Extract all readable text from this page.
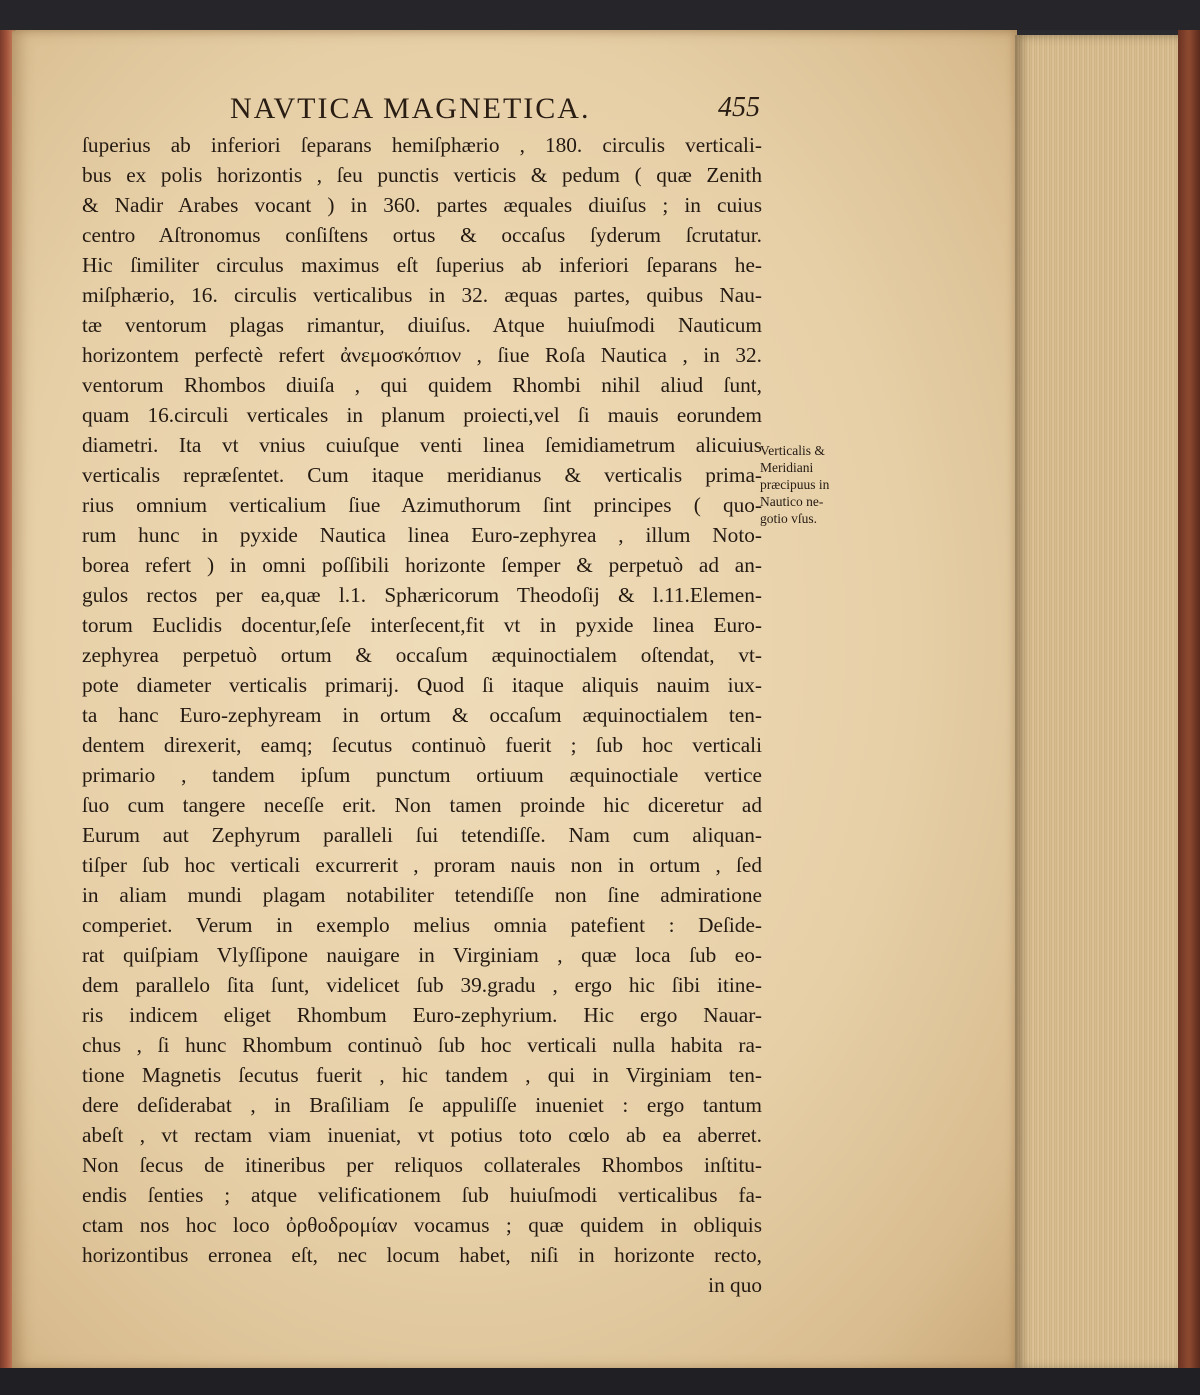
NAVTICA MAGNETICA.	455
ſuperius ab inferiori ſeparans hemiſphærio , 180. circulis verticali-
bus ex polis horizontis , ſeu punctis verticis & pedum ( quæ Zenith
& Nadir Arabes vocant ) in 360. partes æquales diuiſus ; in cuius
centro Aſtronomus conſiſtens ortus & occaſus ſyderum ſcrutatur.
Hic ſimiliter circulus maximus eſt ſuperius ab inferiori ſeparans he-
miſphærio, 16. circulis verticalibus in 32. æquas partes, quibus Nau-
tæ ventorum plagas rimantur, diuiſus. Atque huiuſmodi Nauticum
horizontem perfectè refert ἀνεμοσκόπιον , ſiue Roſa Nautica , in 32.
ventorum Rhombos diuiſa , qui quidem Rhombi nihil aliud ſunt,
quam 16.circuli verticales in planum proiecti,vel ſi mauis eorundem
diametri. Ita vt vnius cuiuſque venti linea ſemidiametrum alicuius
verticalis repræſentet. Cum itaque meridianus & verticalis prima-
rius omnium verticalium ſiue Azimuthorum ſint principes ( quo-
rum hunc in pyxide Nautica linea Euro-zephyrea , illum Noto-
borea refert ) in omni poſſibili horizonte ſemper & perpetuò ad an-
gulos rectos per ea,quæ l.1. Sphæricorum Theodoſij & l.11.Elemen-
torum Euclidis docentur,ſeſe interſecent,fit vt in pyxide linea Euro-
zephyrea perpetuò ortum & occaſum æquinoctialem oſtendat, vt-
pote diameter verticalis primarij. Quod ſi itaque aliquis nauim iux-
ta hanc Euro-zephyream in ortum & occaſum æquinoctialem ten-
dentem direxerit, eamq; ſecutus continuò fuerit ; ſub hoc verticali
primario , tandem ipſum punctum ortiuum æquinoctiale vertice
ſuo cum tangere neceſſe erit. Non tamen proinde hic diceretur ad
Eurum aut Zephyrum paralleli ſui tetendiſſe. Nam cum aliquan-
tiſper ſub hoc verticali excurrerit , proram nauis non in ortum , ſed
in aliam mundi plagam notabiliter tetendiſſe non ſine admiratione
comperiet. Verum in exemplo melius omnia patefient : Deſide-
rat quiſpiam Vlyſſipone nauigare in Virginiam , quæ loca ſub eo-
dem parallelo ſita ſunt, videlicet ſub 39.gradu , ergo hic ſibi itine-
ris indicem eliget Rhombum Euro-zephyrium. Hic ergo Nauar-
chus , ſi hunc Rhombum continuò ſub hoc verticali nulla habita ra-
tione Magnetis ſecutus fuerit , hic tandem , qui in Virginiam ten-
dere deſiderabat , in Braſiliam ſe appuliſſe inueniet : ergo tantum
abeſt , vt rectam viam inueniat, vt potius toto cœlo ab ea aberret.
Non ſecus de itineribus per reliquos collaterales Rhombos inſtitu-
endis ſenties ; atque velificationem ſub huiuſmodi verticalibus fa-
ctam nos hoc loco ὀρθοδρομίαν vocamus ; quæ quidem in obliquis
horizontibus erronea eſt, nec locum habet, niſi in horizonte recto,
in quo
Verticalis &
Meridiani
præcipuus in
Nautico ne-
gotio vſus.
